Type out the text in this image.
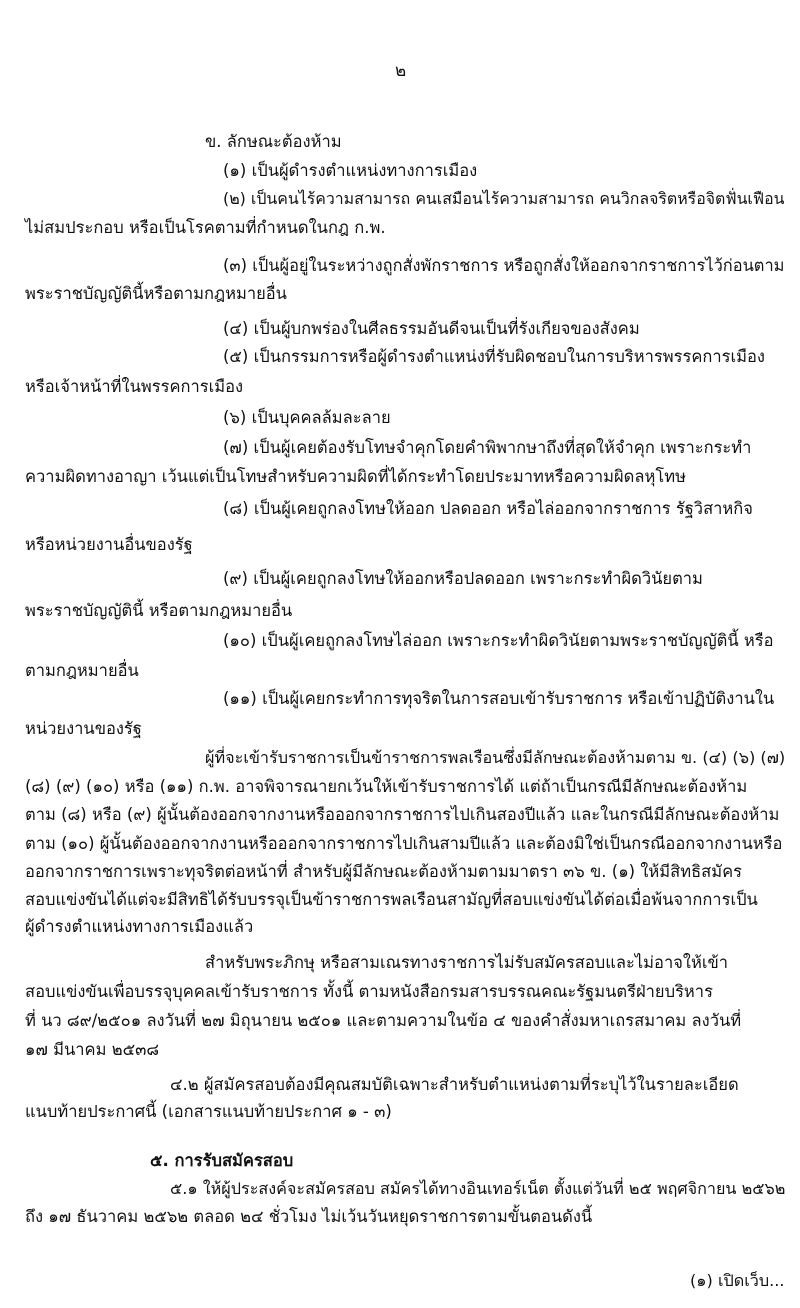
๒
ข. ลักษณะต้องห้าม
(๑) เป็นผู้ดำรงตำแหน่งทางการเมือง
(๒) เป็นคนไร้ความสามารถ คนเสมือนไร้ความสามารถ คนวิกลจริตหรือจิตฟั่นเฟือน
ไม่สมประกอบ หรือเป็นโรคตามที่กำหนดในกฎ ก.พ.
(๓) เป็นผู้อยู่ในระหว่างถูกสั่งพักราชการ หรือถูกสั่งให้ออกจากราชการไว้ก่อนตาม
พระราชบัญญัตินี้หรือตามกฎหมายอื่น
(๔) เป็นผู้บกพร่องในศีลธรรมอันดีจนเป็นที่รังเกียจของสังคม
(๕) เป็นกรรมการหรือผู้ดำรงตำแหน่งที่รับผิดชอบในการบริหารพรรคการเมือง
หรือเจ้าหน้าที่ในพรรคการเมือง
(๖) เป็นบุคคลล้มละลาย
(๗) เป็นผู้เคยต้องรับโทษจำคุกโดยคำพิพากษาถึงที่สุดให้จำคุก เพราะกระทำ
ความผิดทางอาญา เว้นแต่เป็นโทษสำหรับความผิดที่ได้กระทำโดยประมาทหรือความผิดลหุโทษ
(๘) เป็นผู้เคยถูกลงโทษให้ออก ปลดออก หรือไล่ออกจากราชการ รัฐวิสาหกิจ
หรือหน่วยงานอื่นของรัฐ
(๙) เป็นผู้เคยถูกลงโทษให้ออกหรือปลดออก เพราะกระทำผิดวินัยตาม
พระราชบัญญัตินี้ หรือตามกฎหมายอื่น
(๑๐) เป็นผู้เคยถูกลงโทษไล่ออก เพราะกระทำผิดวินัยตามพระราชบัญญัตินี้ หรือ
ตามกฎหมายอื่น
(๑๑) เป็นผู้เคยกระทำการทุจริตในการสอบเข้ารับราชการ หรือเข้าปฏิบัติงานใน
หน่วยงานของรัฐ
ผู้ที่จะเข้ารับราชการเป็นข้าราชการพลเรือนซึ่งมีลักษณะต้องห้ามตาม ข. (๔) (๖) (๗)
(๘) (๙) (๑๐) หรือ (๑๑) ก.พ. อาจพิจารณายกเว้นให้เข้ารับราชการได้ แต่ถ้าเป็นกรณีมีลักษณะต้องห้าม
ตาม (๘) หรือ (๙) ผู้นั้นต้องออกจากงานหรือออกจากราชการไปเกินสองปีแล้ว และในกรณีมีลักษณะต้องห้าม
ตาม (๑๐) ผู้นั้นต้องออกจากงานหรือออกจากราชการไปเกินสามปีแล้ว และต้องมิใช่เป็นกรณีออกจากงานหรือ
ออกจากราชการเพราะทุจริตต่อหน้าที่ สำหรับผู้มีลักษณะต้องห้ามตามมาตรา ๓๖ ข. (๑) ให้มีสิทธิสมัคร
สอบแข่งขันได้แต่จะมีสิทธิได้รับบรรจุเป็นข้าราชการพลเรือนสามัญที่สอบแข่งขันได้ต่อเมื่อพ้นจากการเป็น
ผู้ดำรงตำแหน่งทางการเมืองแล้ว
สำหรับพระภิกษุ หรือสามเณรทางราชการไม่รับสมัครสอบและไม่อาจให้เข้า
สอบแข่งขันเพื่อบรรจุบุคคลเข้ารับราชการ ทั้งนี้ ตามหนังสือกรมสารบรรณคณะรัฐมนตรีฝ่ายบริหาร
ที่ นว ๘๙/๒๕๐๑ ลงวันที่ ๒๗ มิถุนายน ๒๕๐๑ และตามความในข้อ ๔ ของคำสั่งมหาเถรสมาคม ลงวันที่
๑๗ มีนาคม ๒๕๓๘
๔.๒ ผู้สมัครสอบต้องมีคุณสมบัติเฉพาะสำหรับตำแหน่งตามที่ระบุไว้ในรายละเอียด
แนบท้ายประกาศนี้ (เอกสารแนบท้ายประกาศ ๑ - ๓)
๕. การรับสมัครสอบ
๕.๑ ให้ผู้ประสงค์จะสมัครสอบ สมัครได้ทางอินเทอร์เน็ต ตั้งแต่วันที่ ๒๕ พฤศจิกายน ๒๕๖๒
ถึง ๑๗ ธันวาคม ๒๕๖๒ ตลอด ๒๔ ชั่วโมง ไม่เว้นวันหยุดราชการตามขั้นตอนดังนี้
(๑) เปิดเว็บ...
